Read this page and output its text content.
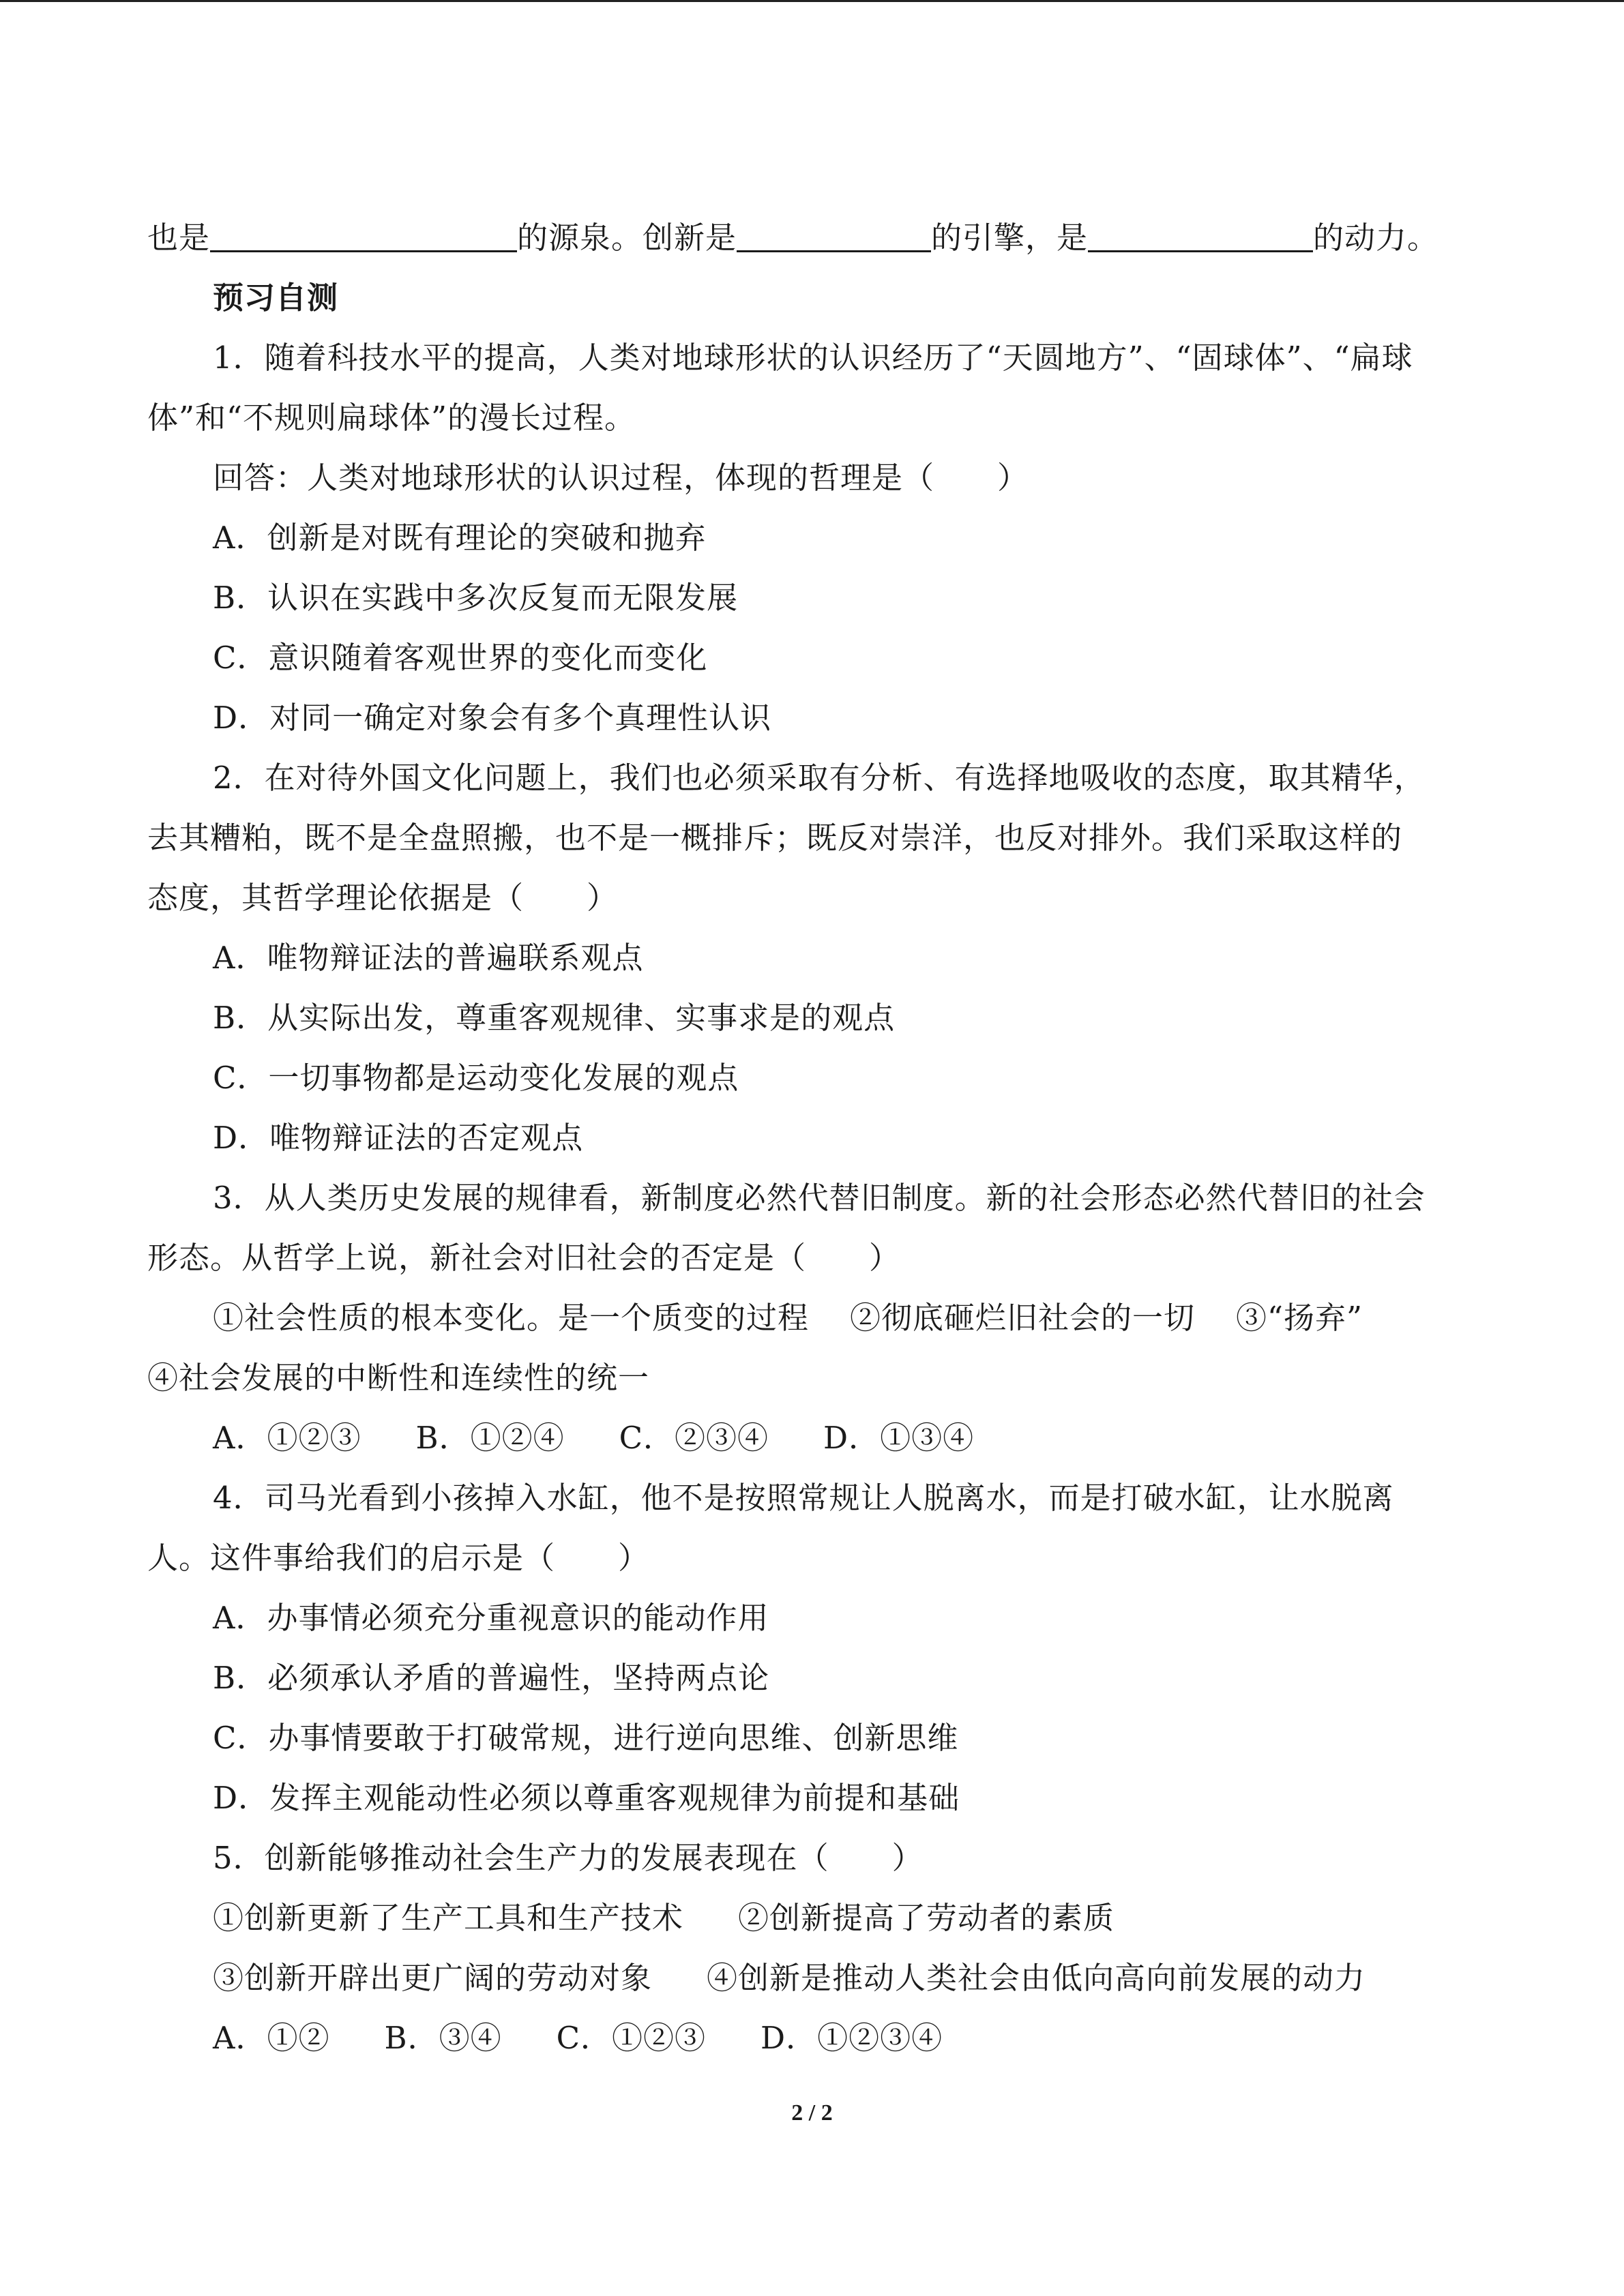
也是	的源泉。创新是	的引擎，是	的动力。
预习自测
1．随着科技水平的提高，人类对地球形状的认识经历了“天圆地方”、“固球体”、“扁球
体”和“不规则扁球体”的漫长过程。
回答：人类对地球形状的认识过程，体现的哲理是（　　）
A．创新是对既有理论的突破和抛弃
B．认识在实践中多次反复而无限发展
C．意识随着客观世界的变化而变化
D．对同一确定对象会有多个真理性认识
2．在对待外国文化问题上，我们也必须采取有分析、有选择地吸收的态度，取其精华，
去其糟粕，既不是全盘照搬，也不是一概排斥；既反对崇洋，也反对排外。我们采取这样的
态度，其哲学理论依据是（　　）
A．唯物辩证法的普遍联系观点
B．从实际出发，尊重客观规律、实事求是的观点
C．一切事物都是运动变化发展的观点
D．唯物辩证法的否定观点
3．从人类历史发展的规律看，新制度必然代替旧制度。新的社会形态必然代替旧的社会
形态。从哲学上说，新社会对旧社会的否定是（　　）
①社会性质的根本变化。是一个质变的过程 ②彻底砸烂旧社会的一切 ③“扬弃”
④社会发展的中断性和连续性的统一
A．①②③ B．①②④ C．②③④ D．①③④
4．司马光看到小孩掉入水缸，他不是按照常规让人脱离水，而是打破水缸，让水脱离
人。这件事给我们的启示是（　　）
A．办事情必须充分重视意识的能动作用
B．必须承认矛盾的普遍性，坚持两点论
C．办事情要敢于打破常规，进行逆向思维、创新思维
D．发挥主观能动性必须以尊重客观规律为前提和基础
5．创新能够推动社会生产力的发展表现在（　　）
①创新更新了生产工具和生产技术 ②创新提高了劳动者的素质
③创新开辟出更广阔的劳动对象 ④创新是推动人类社会由低向高向前发展的动力
A．①② B．③④ C．①②③ D．①②③④
2 / 2
